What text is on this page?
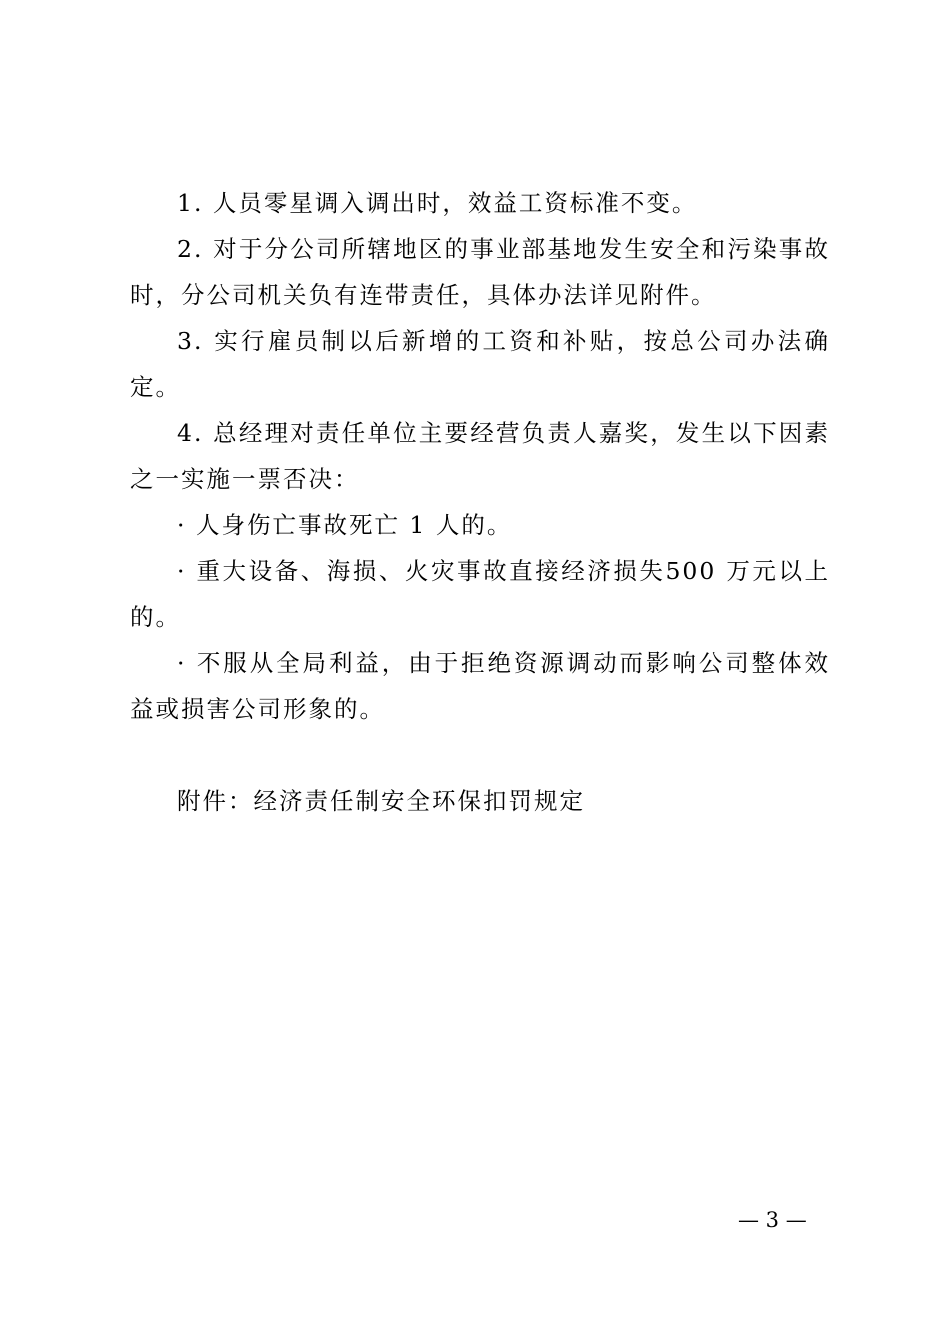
1. 人员零星调入调出时，效益工资标准不变。

2. 对于分公司所辖地区的事业部基地发生安全和污染事故时，分公司机关负有连带责任，具体办法详见附件。

3. 实行雇员制以后新增的工资和补贴，按总公司办法确定。

4. 总经理对责任单位主要经营负责人嘉奖，发生以下因素之一实施一票否决：

· 人身伤亡事故死亡 1 人的。

· 重大设备、海损、火灾事故直接经济损失500 万元以上的。

· 不服从全局利益，由于拒绝资源调动而影响公司整体效益或损害公司形象的。

附件：经济责任制安全环保扣罚规定

— 3 —
